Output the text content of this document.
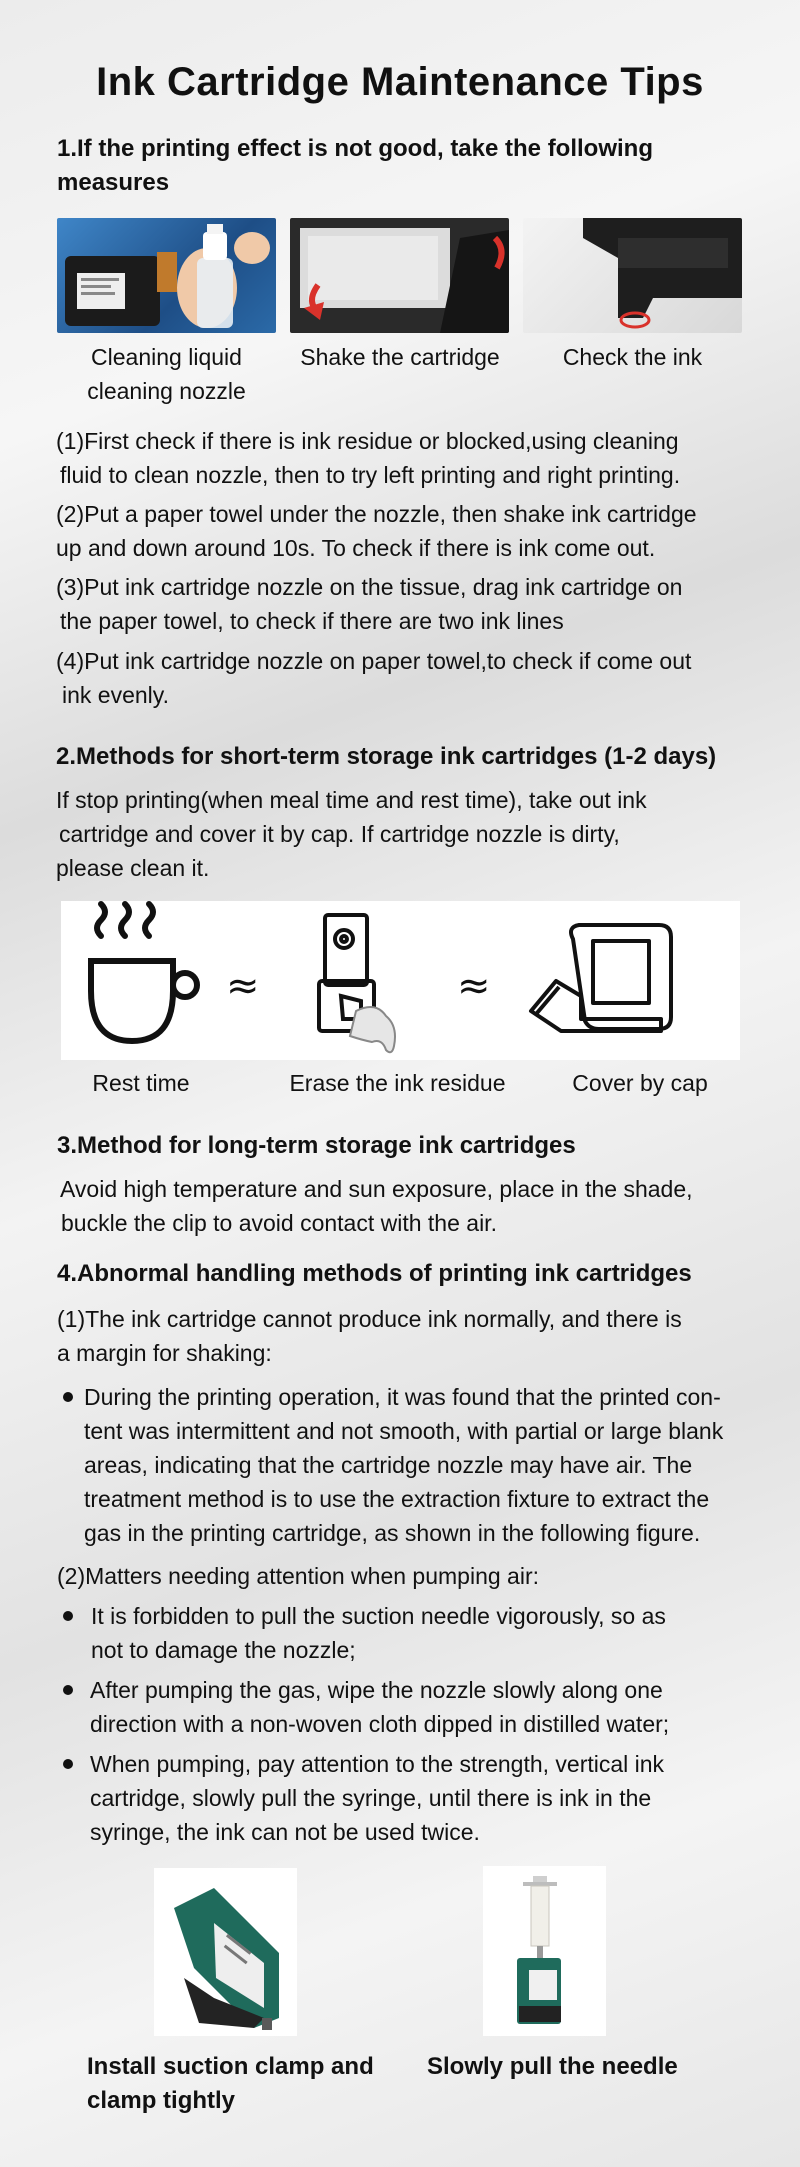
Ink Cartridge Maintenance Tips
1.If the printing effect is not good, take the following
measures
Cleaning liquid
cleaning nozzle
Shake the cartridge	Check the ink
(1)First check if there is ink residue or blocked,using cleaning
fluid to clean nozzle, then to try left printing and right printing.
(2)Put a paper towel under the nozzle, then shake ink cartridge
up and down around 10s. To check if there is ink come out.
(3)Put ink cartridge nozzle on the tissue, drag ink cartridge on
the paper towel, to check if there are two ink lines
(4)Put ink cartridge nozzle on paper towel,to check if come out
ink evenly.
2.Methods for short-term storage ink cartridges (1-2 days)
If stop printing(when meal time and rest time), take out ink
cartridge and cover it by cap. If cartridge nozzle is dirty,
please clean it.
≈	≈
Rest time	Erase the ink residue	Cover by cap
3.Method for long-term storage ink cartridges
Avoid high temperature and sun exposure, place in the shade,
buckle the clip to avoid contact with the air.
4.Abnormal handling methods of printing ink cartridges
(1)The ink cartridge cannot produce ink normally, and there is
a margin for shaking:
During the printing operation, it was found that the printed con-
tent was intermittent and not smooth, with partial or large blank
areas, indicating that the cartridge nozzle may have air. The
treatment method is to use the extraction fixture to extract the
gas in the printing cartridge, as shown in the following figure.
(2)Matters needing attention when pumping air:
It is forbidden to pull the suction needle vigorously, so as
not to damage the nozzle;
After pumping the gas, wipe the nozzle slowly along one
direction with a non-woven cloth dipped in distilled water;
When pumping, pay attention to the strength, vertical ink
cartridge, slowly pull the syringe, until there is ink in the
syringe, the ink can not be used twice.
Install suction clamp and
clamp tightly
Slowly pull the needle
